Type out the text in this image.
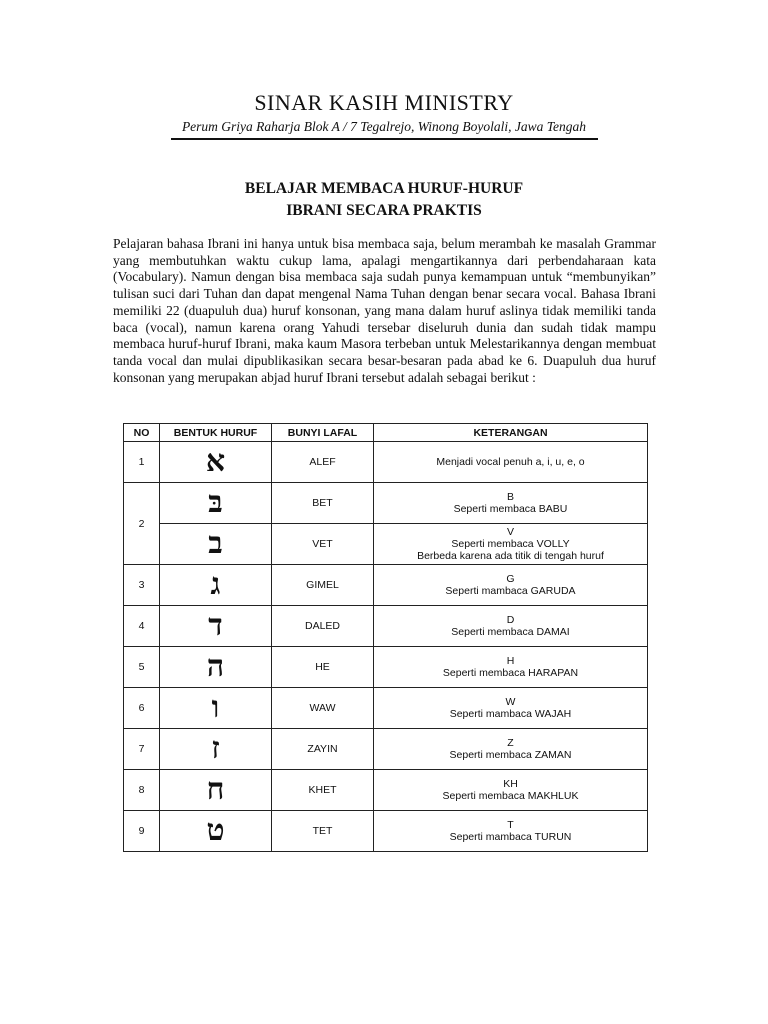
SINAR KASIH MINISTRY
Perum Griya Raharja Blok A / 7 Tegalrejo, Winong Boyolali, Jawa Tengah
BELAJAR MEMBACA HURUF-HURUF
IBRANI SECARA PRAKTIS

Pelajaran bahasa Ibrani ini hanya untuk bisa membaca saja, belum merambah ke masalah Grammar yang membutuhkan waktu cukup lama, apalagi mengartikannya dari perbendaharaan kata (Vocabulary). Namun dengan bisa membaca saja sudah punya kemampuan untuk “membunyikan” tulisan suci dari Tuhan dan dapat mengenal Nama Tuhan dengan benar secara vocal. Bahasa Ibrani memiliki 22 (duapuluh dua) huruf konsonan, yang mana dalam huruf aslinya tidak memiliki tanda baca (vocal), namun karena orang Yahudi tersebar diseluruh dunia dan sudah tidak mampu membaca huruf-huruf Ibrani, maka kaum Masora terbeban untuk Melestarikannya dengan membuat tanda vocal dan mulai dipublikasikan secara besar-besaran pada abad ke 6. Duapuluh dua huruf konsonan yang merupakan abjad huruf Ibrani tersebut adalah sebagai berikut :

NO	BENTUK HURUF	BUNYI LAFAL	KETERANGAN
1	א	ALEF	Menjadi vocal penuh a, i, u, e, o

2	בּ	BET	B
Seperti membaca BABU

	ב	VET	V
Seperti membaca VOLLY
Berbeda karena ada titik di tengah huruf

3	ג	GIMEL	G
Seperti mambaca GARUDA

4	ד	DALED	D
Seperti membaca DAMAI

5	ה	HE	H
Seperti membaca HARAPAN

6	ו	WAW	W
Seperti mambaca WAJAH

7	ז	ZAYIN	Z
Seperti membaca ZAMAN

8	ח	KHET	KH
Seperti membaca MAKHLUK

9	ט	TET	T
Seperti mambaca TURUN
